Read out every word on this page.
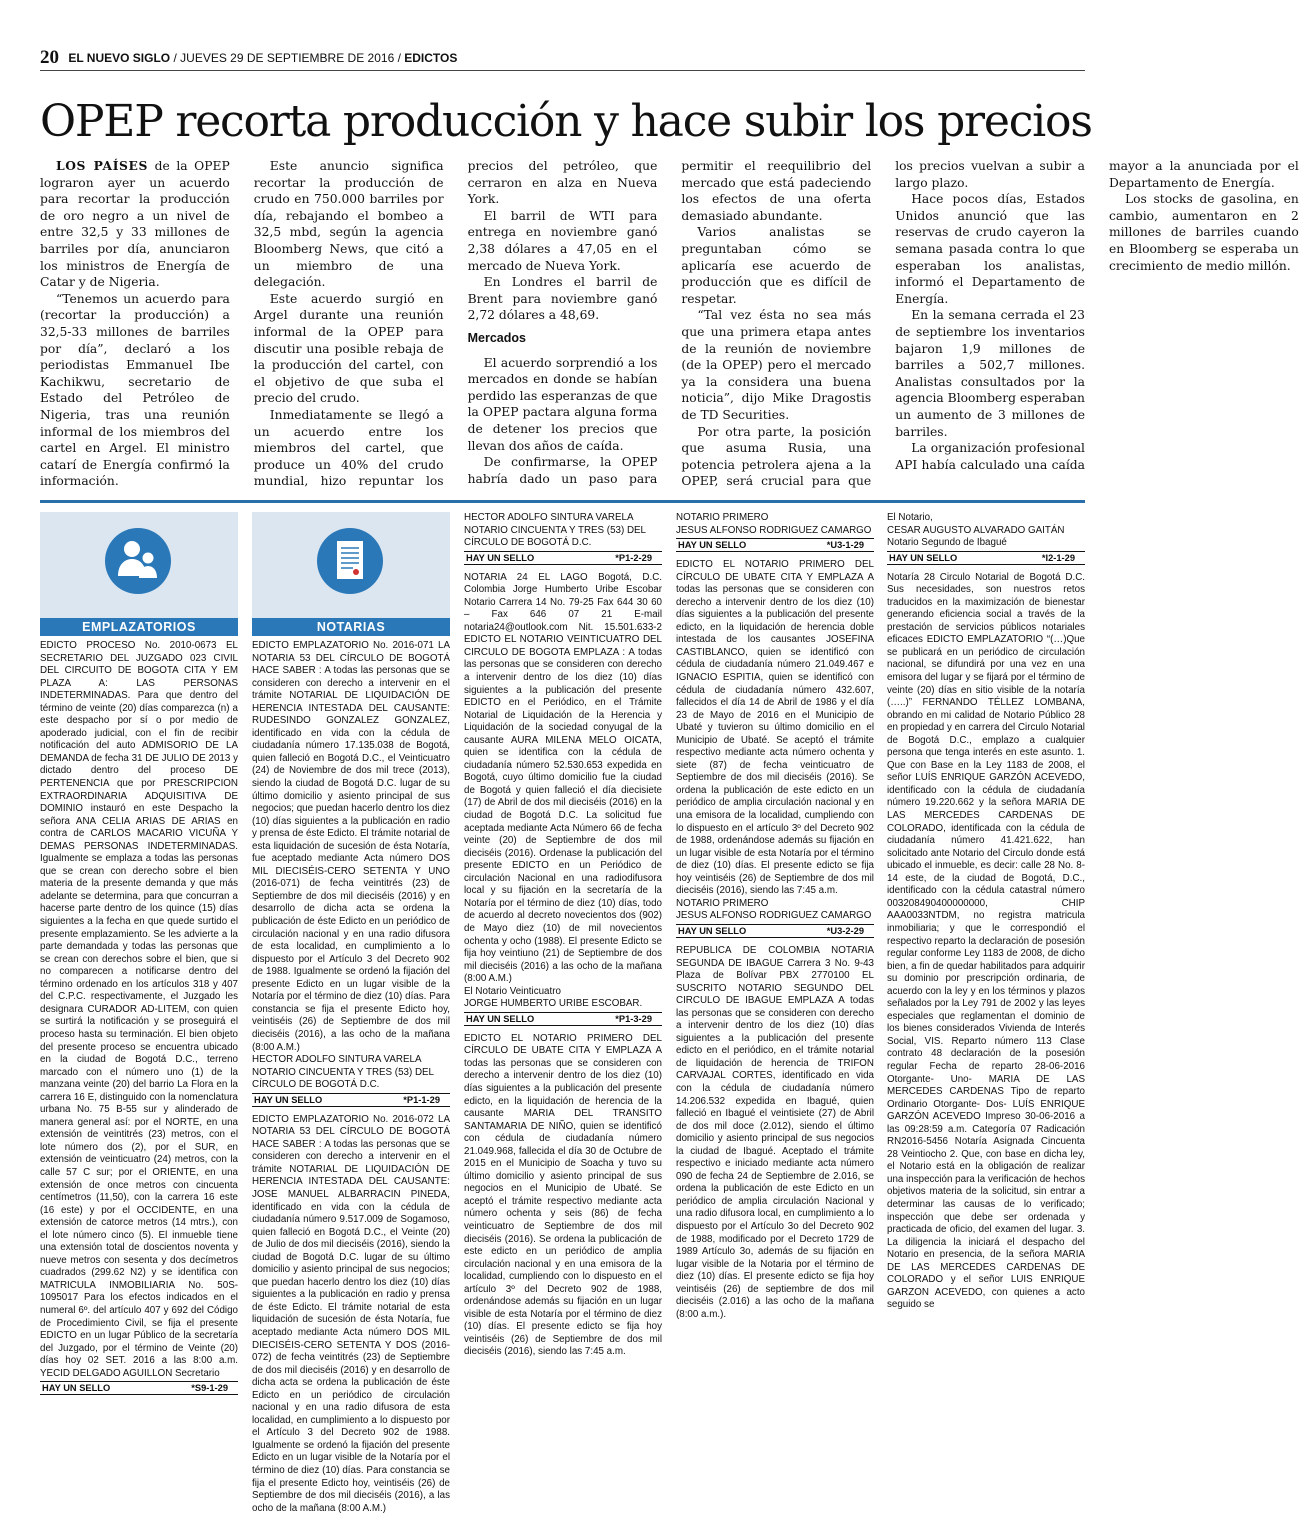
20 EL NUEVO SIGLO / JUEVES 29 DE SEPTIEMBRE DE 2016 / EDICTOS
OPEP recorta producción y hace subir los precios

LOS PAÍSES de la OPEP lograron ayer un acuerdo para recortar la producción de oro negro a un nivel de entre 32,5 y 33 millones de barriles por día, anunciaron los ministros de Energía de Catar y de Nigeria.

“Tenemos un acuerdo para (recortar la producción) a 32,5-33 millones de barriles por día”, declaró a los periodistas Emmanuel Ibe Kachikwu, secretario de Estado del Petróleo de Nigeria, tras una reunión informal de los miembros del cartel en Argel. El ministro catarí de Energía confirmó la información.

Este anuncio significa recortar la producción de crudo en 750.000 barriles por día, rebajando el bombeo a 32,5 mbd, según la agencia Bloomberg News, que citó a un miembro de una delegación.

Este acuerdo surgió en Argel durante una reunión informal de la OPEP para discutir una posible rebaja de la producción del cartel, con el objetivo de que suba el precio del crudo.

Inmediatamente se llegó a un acuerdo entre los miembros del cartel, que produce un 40% del crudo mundial, hizo repuntar los precios del petróleo, que cerraron en alza en Nueva York.

El barril de WTI para entrega en noviembre ganó 2,38 dólares a 47,05 en el mercado de Nueva York.

En Londres el barril de Brent para noviembre ganó 2,72 dólares a 48,69.

Mercados

El acuerdo sorprendió a los mercados en donde se habían perdido las esperanzas de que la OPEP pactara alguna forma de detener los precios que llevan dos años de caída.

De confirmarse, la OPEP habría dado un paso para permitir el reequilibrio del mercado que está padeciendo los efectos de una oferta demasiado abundante.

Varios analistas se preguntaban cómo se aplicaría ese acuerdo de producción que es difícil de respetar.

“Tal vez ésta no sea más que una primera etapa antes de la reunión de noviembre (de la OPEP) pero el mercado ya la considera una buena noticia”, dijo Mike Dragostis de TD Securities.

Por otra parte, la posición que asuma Rusia, una potencia petrolera ajena a la OPEP, será crucial para que los precios vuelvan a subir a largo plazo.

Hace pocos días, Estados Unidos anunció que las reservas de crudo cayeron la semana pasada contra lo que esperaban los analistas, informó el Departamento de Energía.

En la semana cerrada el 23 de septiembre los inventarios bajaron 1,9 millones de barriles a 502,7 millones. Analistas consultados por la agencia Bloomberg esperaban un aumento de 3 millones de barriles.

La organización profesional API había calculado una caída mayor a la anunciada por el Departamento de Energía.

Los stocks de gasolina, en cambio, aumentaron en 2 millones de barriles cuando en Bloomberg se esperaba un crecimiento de medio millón.

EMPLAZATORIOS

EDICTO PROCESO No. 2010-0673 EL SECRETARIO DEL JUZGADO 023 CIVIL DEL CIRCUITO DE BOGOTA CITA Y EM PLAZA A: LAS PERSONAS INDETERMINADAS. Para que dentro del término de veinte (20) días comparezca (n) a este despacho por sí o por medio de apoderado judicial, con el fin de recibir notificación del auto ADMISORIO DE LA DEMANDA de fecha 31 DE JULIO DE 2013 y dictado dentro del proceso DE PERTENENCIA que por PRESCRIPCION EXTRAORDINARIA ADQUISITIVA DE DOMINIO instauró en este Despacho la señora ANA CELIA ARIAS DE ARIAS en contra de CARLOS MACARIO VICUÑA Y DEMAS PERSONAS INDETERMINADAS. Igualmente se emplaza a todas las personas que se crean con derecho sobre el bien materia de la presente demanda y que más adelante se determina, para que concurran a hacerse parte dentro de los quince (15) días siguientes a la fecha en que quede surtido el presente emplazamiento. Se les advierte a la parte demandada y todas las personas que se crean con derechos sobre el bien, que si no comparecen a notificarse dentro del término ordenado en los artículos 318 y 407 del C.P.C. respectivamente, el Juzgado les designara CURADOR AD-LITEM, con quien se surtirá la notificación y se proseguirá el proceso hasta su terminación. El bien objeto del presente proceso se encuentra ubicado en la ciudad de Bogotá D.C., terreno marcado con el número uno (1) de la manzana veinte (20) del barrio La Flora en la carrera 16 E, distinguido con la nomenclatura urbana No. 75 B-55 sur y alinderado de manera general así: por el NORTE, en una extensión de veintitrés (23) metros, con el lote número dos (2), por el SUR, en extensión de veinticuatro (24) metros, con la calle 57 C sur; por el ORIENTE, en una extensión de once metros con cincuenta centímetros (11,50), con la carrera 16 este (16 este) y por el OCCIDENTE, en una extensión de catorce metros (14 mtrs.), con el lote número cinco (5). El inmueble tiene una extensión total de doscientos noventa y nueve metros con sesenta y dos decímetros cuadrados (299.62 N2) y se identifica con MATRICULA INMOBILIARIA No. 50S-1095017 Para los efectos indicados en el numeral 6º. del artículo 407 y 692 del Código de Procedimiento Civil, se fija el presente EDICTO en un lugar Público de la secretaría del Juzgado, por el término de Veinte (20) días hoy 02 SET. 2016 a las 8:00 a.m. YECID DELGADO AGUILLON Secretario

HAY UN SELLO	*S9-1-29
NOTARIAS

EDICTO EMPLAZATORIO No. 2016-071 LA NOTARIA 53 DEL CÍRCULO DE BOGOTÁ HACE SABER : A todas las personas que se consideren con derecho a intervenir en el trámite NOTARIAL DE LIQUIDACIÓN DE HERENCIA INTESTADA DEL CAUSANTE: RUDESINDO GONZALEZ GONZALEZ, identificado en vida con la cédula de ciudadanía número 17.135.038 de Bogotá, quien falleció en Bogotá D.C., el Veinticuatro (24) de Noviembre de dos mil trece (2013), siendo la ciudad de Bogotá D.C. lugar de su último domicilio y asiento principal de sus negocios; que puedan hacerlo dentro los diez (10) días siguientes a la publicación en radio y prensa de éste Edicto. El trámite notarial de esta liquidación de sucesión de ésta Notaría, fue aceptado mediante Acta número DOS MIL DIECISÉIS-CERO SETENTA Y UNO (2016-071) de fecha veintitrés (23) de Septiembre de dos mil dieciséis (2016) y en desarrollo de dicha acta se ordena la publicación de éste Edicto en un periódico de circulación nacional y en una radio difusora de esta localidad, en cumplimiento a lo dispuesto por el Artículo 3 del Decreto 902 de 1988. Igualmente se ordenó la fijación del presente Edicto en un lugar visible de la Notaría por el término de diez (10) días. Para constancia se fija el presente Edicto hoy, veintiséis (26) de Septiembre de dos mil dieciséis (2016), a las ocho de la mañana (8:00 A.M.)

HECTOR ADOLFO SINTURA VARELA

NOTARIO CINCUENTA Y TRES (53) DEL CÍRCULO DE BOGOTÁ D.C.

HAY UN SELLO	*P1-1-29

EDICTO EMPLAZATORIO No. 2016-072 LA NOTARIA 53 DEL CÍRCULO DE BOGOTÁ HACE SABER : A todas las personas que se consideren con derecho a intervenir en el trámite NOTARIAL DE LIQUIDACIÓN DE HERENCIA INTESTADA DEL CAUSANTE: JOSE MANUEL ALBARRACIN PINEDA, identificado en vida con la cédula de ciudadanía número 9.517.009 de Sogamoso, quien falleció en Bogotá D.C., el Veinte (20) de Julio de dos mil dieciséis (2016), siendo la ciudad de Bogotá D.C. lugar de su último domicilio y asiento principal de sus negocios; que puedan hacerlo dentro los diez (10) días siguientes a la publicación en radio y prensa de éste Edicto. El trámite notarial de esta liquidación de sucesión de ésta Notaría, fue aceptado mediante Acta número DOS MIL DIECISÉIS-CERO SETENTA Y DOS (2016-072) de fecha veintitrés (23) de Septiembre de dos mil dieciséis (2016) y en desarrollo de dicha acta se ordena la publicación de éste Edicto en un periódico de circulación nacional y en una radio difusora de esta localidad, en cumplimiento a lo dispuesto por el Artículo 3 del Decreto 902 de 1988. Igualmente se ordenó la fijación del presente Edicto en un lugar visible de la Notaría por el término de diez (10) días. Para constancia se fija el presente Edicto hoy, veintiséis (26) de Septiembre de dos mil dieciséis (2016), a las ocho de la mañana (8:00 A.M.)

HECTOR ADOLFO SINTURA VARELA

NOTARIO CINCUENTA Y TRES (53) DEL CÍRCULO DE BOGOTÁ D.C.

HAY UN SELLO	*P1-2-29

NOTARIA 24 EL LAGO Bogotá, D.C. Colombia Jorge Humberto Uribe Escobar Notario Carrera 14 No. 79-25 Fax 644 30 60 – Fax 646 07 21 E-mail notaria24@outlook.com Nit. 15.501.633-2 EDICTO EL NOTARIO VEINTICUATRO DEL CIRCULO DE BOGOTA EMPLAZA : A todas las personas que se consideren con derecho a intervenir dentro de los diez (10) días siguientes a la publicación del presente EDICTO en el Periódico, en el Trámite Notarial de Liquidación de la Herencia y Liquidación de la sociedad conyugal de la causante AURA MILENA MELO OICATA, quien se identifica con la cédula de ciudadanía número 52.530.653 expedida en Bogotá, cuyo último domicilio fue la ciudad de Bogotá y quien falleció el día diecisiete (17) de Abril de dos mil dieciséis (2016) en la ciudad de Bogotá D.C. La solicitud fue aceptada mediante Acta Número 66 de fecha veinte (20) de Septiembre de dos mil dieciséis (2016). Ordenase la publicación del presente EDICTO en un Periódico de circulación Nacional en una radiodifusora local y su fijación en la secretaría de la Notaría por el término de diez (10) días, todo de acuerdo al decreto novecientos dos (902) de Mayo diez (10) de mil novecientos ochenta y ocho (1988). El presente Edicto se fija hoy veintiuno (21) de Septiembre de dos mil dieciséis (2016) a las ocho de la mañana (8:00 A.M.)

El Notario Veinticuatro

JORGE HUMBERTO URIBE ESCOBAR.

HAY UN SELLO	*P1-3-29

EDICTO EL NOTARIO PRIMERO DEL CÍRCULO DE UBATE CITA Y EMPLAZA A todas las personas que se consideren con derecho a intervenir dentro de los diez (10) días siguientes a la publicación del presente edicto, en la liquidación de herencia de la causante MARIA DEL TRANSITO SANTAMARIA DE NIÑO, quien se identificó con cédula de ciudadanía número 21.049.968, fallecida el día 30 de Octubre de 2015 en el Municipio de Soacha y tuvo su último domicilio y asiento principal de sus negocios en el Municipio de Ubaté. Se aceptó el trámite respectivo mediante acta número ochenta y seis (86) de fecha veinticuatro de Septiembre de dos mil dieciséis (2016). Se ordena la publicación de este edicto en un periódico de amplia circulación nacional y en una emisora de la localidad, cumpliendo con lo dispuesto en el artículo 3º del Decreto 902 de 1988, ordenándose además su fijación en un lugar visible de esta Notaría por el término de diez (10) días. El presente edicto se fija hoy veintiséis (26) de Septiembre de dos mil dieciséis (2016), siendo las 7:45 a.m.

NOTARIO PRIMERO

JESUS ALFONSO RODRIGUEZ CAMARGO

HAY UN SELLO	*U3-1-29

EDICTO EL NOTARIO PRIMERO DEL CÍRCULO DE UBATE CITA Y EMPLAZA A todas las personas que se consideren con derecho a intervenir dentro de los diez (10) días siguientes a la publicación del presente edicto, en la liquidación de herencia doble intestada de los causantes JOSEFINA CASTIBLANCO, quien se identificó con cédula de ciudadanía número 21.049.467 e IGNACIO ESPITIA, quien se identificó con cédula de ciudadanía número 432.607, fallecidos el día 14 de Abril de 1986 y el día 23 de Mayo de 2016 en el Municipio de Ubaté y tuvieron su último domicilio en el Municipio de Ubaté. Se aceptó el trámite respectivo mediante acta número ochenta y siete (87) de fecha veinticuatro de Septiembre de dos mil dieciséis (2016). Se ordena la publicación de este edicto en un periódico de amplia circulación nacional y en una emisora de la localidad, cumpliendo con lo dispuesto en el artículo 3º del Decreto 902 de 1988, ordenándose además su fijación en un lugar visible de esta Notaría por el término de diez (10) días. El presente edicto se fija hoy veintiséis (26) de Septiembre de dos mil dieciséis (2016), siendo las 7:45 a.m.

NOTARIO PRIMERO

JESUS ALFONSO RODRIGUEZ CAMARGO

HAY UN SELLO	*U3-2-29

REPUBLICA DE COLOMBIA NOTARIA SEGUNDA DE IBAGUE Carrera 3 No. 9-43 Plaza de Bolívar PBX 2770100 EL SUSCRITO NOTARIO SEGUNDO DEL CIRCULO DE IBAGUE EMPLAZA A todas las personas que se consideren con derecho a intervenir dentro de los diez (10) días siguientes a la publicación del presente edicto en el periódico, en el trámite notarial de liquidación de herencia de TRIFON CARVAJAL CORTES, identificado en vida con la cédula de ciudadanía número 14.206.532 expedida en Ibagué, quien falleció en Ibagué el veintisiete (27) de Abril de dos mil doce (2.012), siendo el último domicilio y asiento principal de sus negocios la ciudad de Ibagué. Aceptado el trámite respectivo e iniciado mediante acta número 090 de fecha 24 de Septiembre de 2.016, se ordena la publicación de este Edicto en un periódico de amplia circulación Nacional y una radio difusora local, en cumplimiento a lo dispuesto por el Artículo 3o del Decreto 902 de 1988, modificado por el Decreto 1729 de 1989 Artículo 3o, además de su fijación en lugar visible de la Notaria por el término de diez (10) días. El presente edicto se fija hoy veintiséis (26) de septiembre de dos mil dieciséis (2.016) a las ocho de la mañana (8:00 a.m.).

El Notario,

CESAR AUGUSTO ALVARADO GAITÁN

Notario Segundo de Ibagué

HAY UN SELLO	*I2-1-29

Notaría 28 Circulo Notarial de Bogotá D.C. Sus necesidades, son nuestros retos traducidos en la maximización de bienestar generando eficiencia social a través de la prestación de servicios públicos notariales eficaces EDICTO EMPLAZATORIO “(…)Que se publicará en un periódico de circulación nacional, se difundirá por una vez en una emisora del lugar y se fijará por el término de veinte (20) días en sitio visible de la notaría (…..)” FERNANDO TÉLLEZ LOMBANA, obrando en mi calidad de Notario Público 28 en propiedad y en carrera del Circulo Notarial de Bogotá D.C., emplazo a cualquier persona que tenga interés en este asunto. 1. Que con Base en la Ley 1183 de 2008, el señor LUÍS ENRIQUE GARZÓN ACEVEDO, identificado con la cédula de ciudadanía número 19.220.662 y la señora MARIA DE LAS MERCEDES CARDENAS DE COLORADO, identificada con la cédula de ciudadanía número 41.421.622, han solicitado ante Notario del Circulo donde está ubicado el inmueble, es decir: calle 28 No. 8-14 este, de la ciudad de Bogotá, D.C., identificado con la cédula catastral número 003208490400000000, CHIP AAA0033NTDM, no registra matricula inmobiliaria; y que le correspondió el respectivo reparto la declaración de posesión regular conforme Ley 1183 de 2008, de dicho bien, a fin de quedar habilitados para adquirir su dominio por prescripción ordinaria, de acuerdo con la ley y en los términos y plazos señalados por la Ley 791 de 2002 y las leyes especiales que reglamentan el dominio de los bienes considerados Vivienda de Interés Social, VIS. Reparto número 113 Clase contrato 48 declaración de la posesión regular Fecha de reparto 28-06-2016 Otorgante- Uno- MARIA DE LAS MERCEDES CARDENAS Tipo de reparto Ordinario Otorgante- Dos- LUÍS ENRIQUE GARZÓN ACEVEDO Impreso 30-06-2016 a las 09:28:59 a.m. Categoría 07 Radicación RN2016-5456 Notaría Asignada Cincuenta 28 Veintiocho 2. Que, con base en dicha ley, el Notario está en la obligación de realizar una inspección para la verificación de hechos objetivos materia de la solicitud, sin entrar a determinar las causas de lo verificado; inspección que debe ser ordenada y practicada de oficio, del examen del lugar. 3. La diligencia la iniciará el despacho del Notario en presencia, de la señora MARIA DE LAS MERCEDES CARDENAS DE COLORADO y el señor LUIS ENRIQUE GARZON ACEVEDO, con quienes a acto seguido se
